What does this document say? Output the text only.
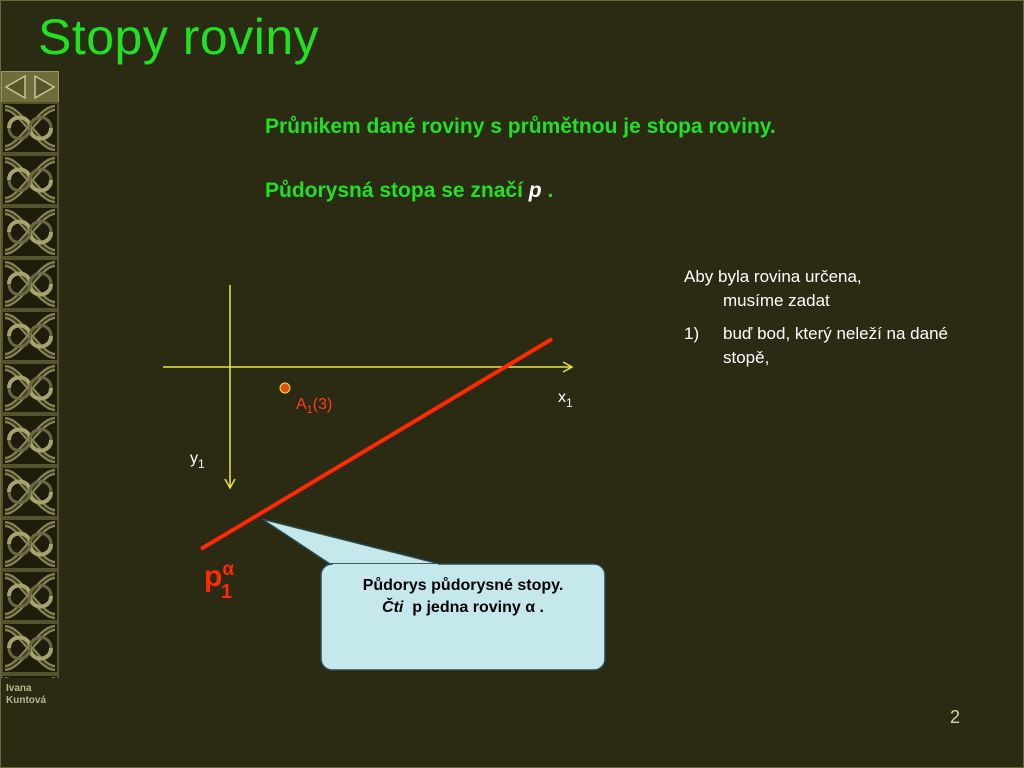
Stopy roviny
Ivana
Kuntová

Průnikem dané roviny s průmětnou je stopa roviny.

Půdorysná stopa se značí p .

Aby byla rovina určena,

musíme zadat

1) buď bod, který neleží na dané stopě,
$x_1$
$y_1$
$A_1(3)$
$p^\alpha$ 1	Půdorys půdorysné stopy.
Čti p jedna roviny α .
2
